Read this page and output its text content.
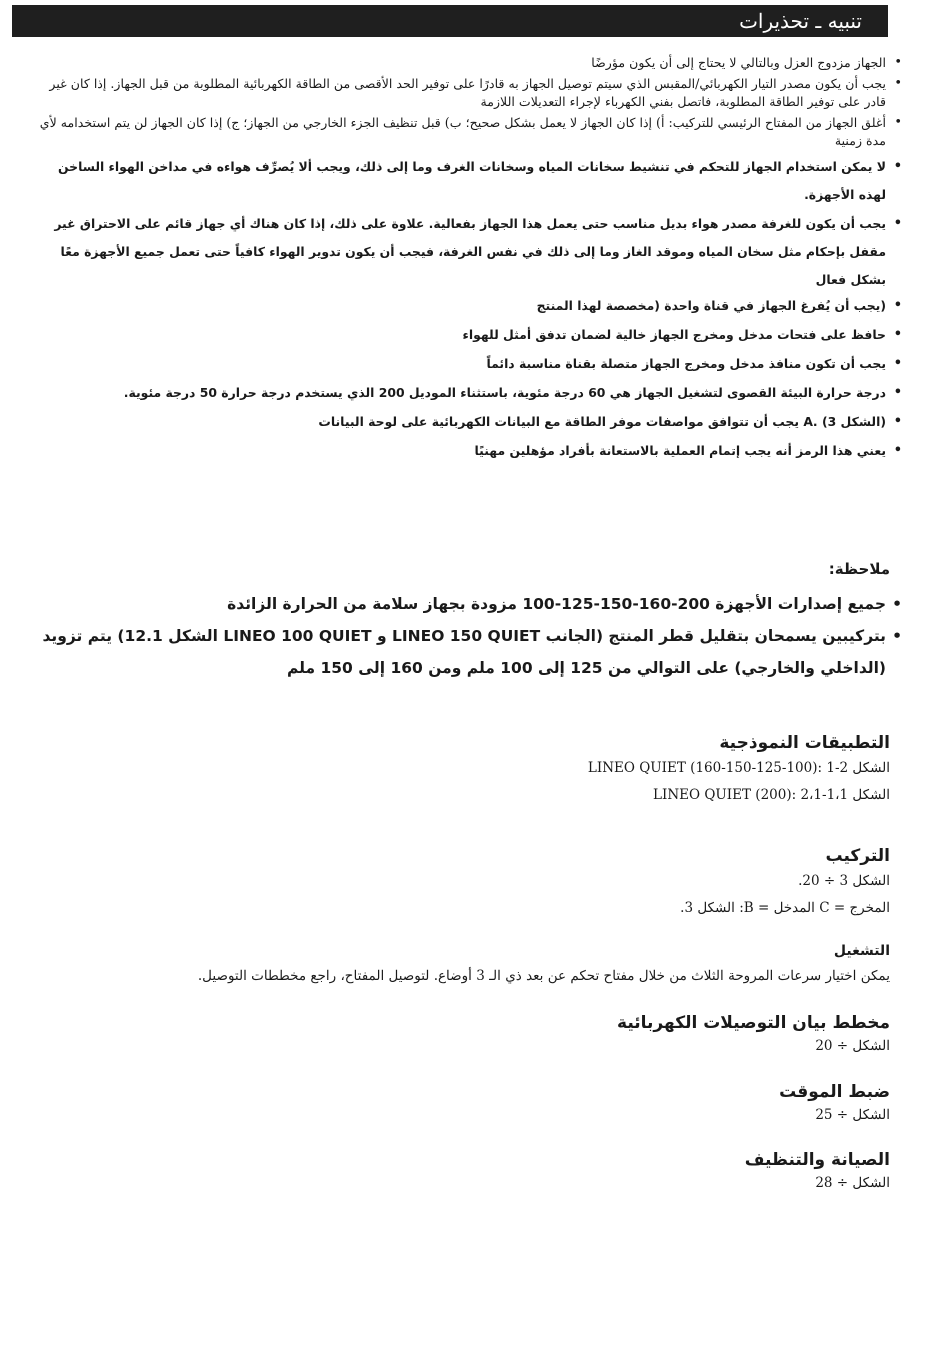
تنبيه ـ تحذيرات
• الجهاز مزدوج العزل وبالتالي لا يحتاج إلى أن يكون مؤرضًا
• يجب أن يكون مصدر التيار الكهربائي/المقبس الذي سيتم توصيل الجهاز به قادرًا على توفير الحد الأقصى من الطاقة الكهربائية المطلوبة من قبل الجهاز. إذا كان غير قادر على توفير الطاقة المطلوبة، فاتصل بفني الكهرباء لإجراء التعديلات اللازمة
• أغلق الجهاز من المفتاح الرئيسي للتركيب: أ) إذا كان الجهاز لا يعمل بشكل صحيح؛ ب) قبل تنظيف الجزء الخارجي من الجهاز؛ ج) إذا كان الجهاز لن يتم استخدامه لأي مدة زمنية
• لا يمكن استخدام الجهاز للتحكم في تنشيط سخانات المياه وسخانات الغرف وما إلى ذلك، ويجب ألا يُصرِّف هواءه في مداخن الهواء الساخن لهذه الأجهزة.
• يجب أن يكون للغرفة مصدر هواء بديل مناسب حتى يعمل هذا الجهاز بفعالية. علاوة على ذلك، إذا كان هناك أي جهاز قائم على الاحتراق غير مقفل بإحكام مثل سخان المياه وموقد الغاز وما إلى ذلك في نفس الغرفة، فيجب أن يكون تدوير الهواء كافياً حتى تعمل جميع الأجهزة معًا بشكل فعال
• (يجب أن يُفرغ الجهاز في قناة واحدة (مخصصة لهذا المنتج
• حافظ على فتحات مدخل ومخرج الجهاز خالية لضمان تدفق أمثل للهواء
• يجب أن تكون منافذ مدخل ومخرج الجهاز متصلة بقناة مناسبة دائماً
• درجة حرارة البيئة القصوى لتشغيل الجهاز هي 60 درجة مئوية، باستثناء الموديل 200 الذي يستخدم درجة حرارة 50 درجة مئوية.
• (الشكل 3) .A يجب أن تتوافق مواصفات موفر الطاقة مع البيانات الكهربائية على لوحة البيانات
• يعني هذا الرمز أنه يجب إتمام العملية بالاستعانة بأفراد مؤهلين مهنيًا
ملاحظة:
• جميع إصدارات الأجهزة 200-160-150-125-100 مزودة بجهاز سلامة من الحرارة الزائدة
• بتركيبين يسمحان بتقليل قطر المنتج (الجانب LINEO 150 QUIET و LINEO 100 QUIET الشكل 12.1) يتم تزويد (الداخلي والخارجي) على التوالي من 125 إلى 100 ملم ومن 160 إلى 150 ملم
التطبيقات النموذجية
الشكل 2-1 :(100-125-150-160) LINEO QUIET
الشكل 1،1-2،1 :(200) LINEO QUIET
التركيب
الشكل 3 ÷ 20.
المخرج = C المدخل = B: الشكل 3.
التشغيل
يمكن اختيار سرعات المروحة الثلاث من خلال مفتاح تحكم عن بعد ذي الـ 3 أوضاع. لتوصيل المفتاح، راجع مخططات التوصيل.
مخطط بيان التوصيلات الكهربائية
الشكل ÷ 20
ضبط الموقت
الشكل ÷ 25
الصيانة والتنظيف
الشكل ÷ 28
